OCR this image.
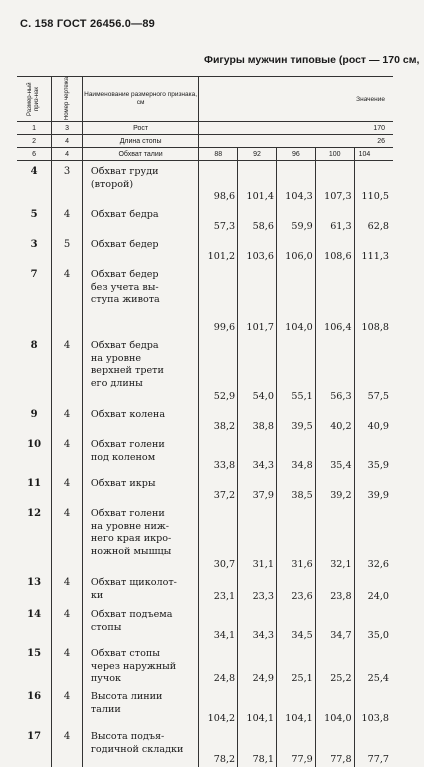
С. 158 ГОСТ 26456.0—89
Фигуры мужчин типовые (рост — 170 см,
Размер-ный приз-нак	Номер чертежа	Наименование размерного признака, см	Значение				
1	3	Рост	170				
2	4	Длина стопы	26				
6	4	Обхват талии	88	92	96	100	104
4	3	Обхват груди
(второй)	98,6	101,4	104,3	107,3	110,5
5	4	Обхват бедра	57,3	58,6	59,9	61,3	62,8
3	5	Обхват бедер	101,2	103,6	106,0	108,6	111,3
7	4	Обхват бедер
без учета вы-
ступа живота	99,6	101,7	104,0	106,4	108,8
8	4	Обхват бедра
на уровне
верхней трети
его длины	52,9	54,0	55,1	56,3	57,5
9	4	Обхват колена	38,2	38,8	39,5	40,2	40,9
10	4	Обхват голени
под коленом	33,8	34,3	34,8	35,4	35,9
11	4	Обхват икры	37,2	37,9	38,5	39,2	39,9
12	4	Обхват голени
на уровне ниж-
него края икро-
ножной мышцы	30,7	31,1	31,6	32,1	32,6
13	4	Обхват щиколот-
ки	23,1	23,3	23,6	23,8	24,0
14	4	Обхват подъема
стопы	34,1	34,3	34,5	34,7	35,0
15	4	Обхват стопы
через наружный
пучок	24,8	24,9	25,1	25,2	25,4
16	4	Высота линии
талии	104,2	104,1	104,1	104,0	103,8
17	4	Высота подъя-
годичной складки	78,2	78,1	77,9	77,8	77,7
